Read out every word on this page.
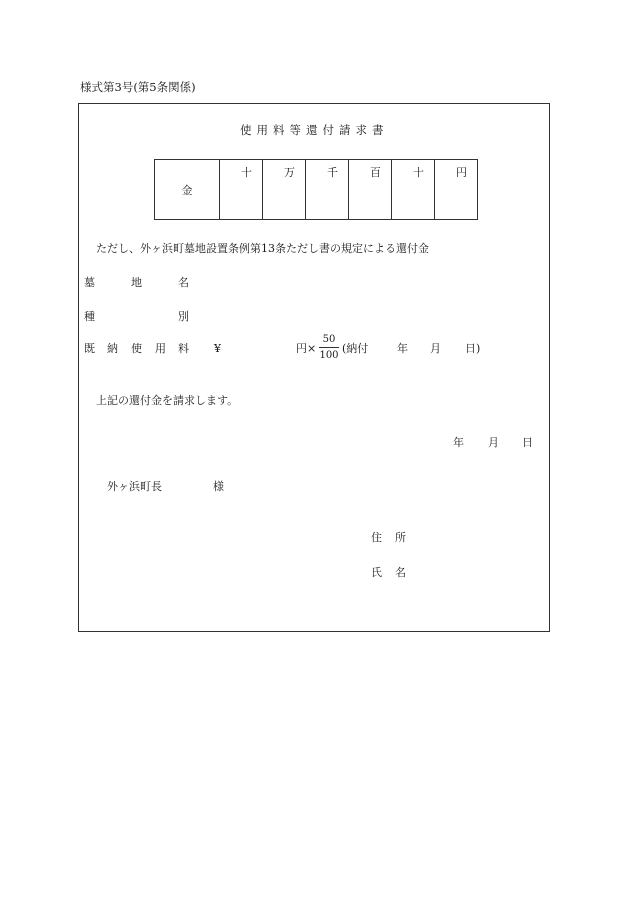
様式第3号(第5条関係)
使用料等還付請求書
金	十	万	千	百	十	円
ただし、外ヶ浜町墓地設置条例第13条ただし書の規定による還付金
墓	地	名
種	別
既 納 使 用 料 ¥	円×
50
100
(納付	年 月 日)
上記の還付金を請求します。
年 月 日
外ヶ浜町長	様
住 所
氏 名
